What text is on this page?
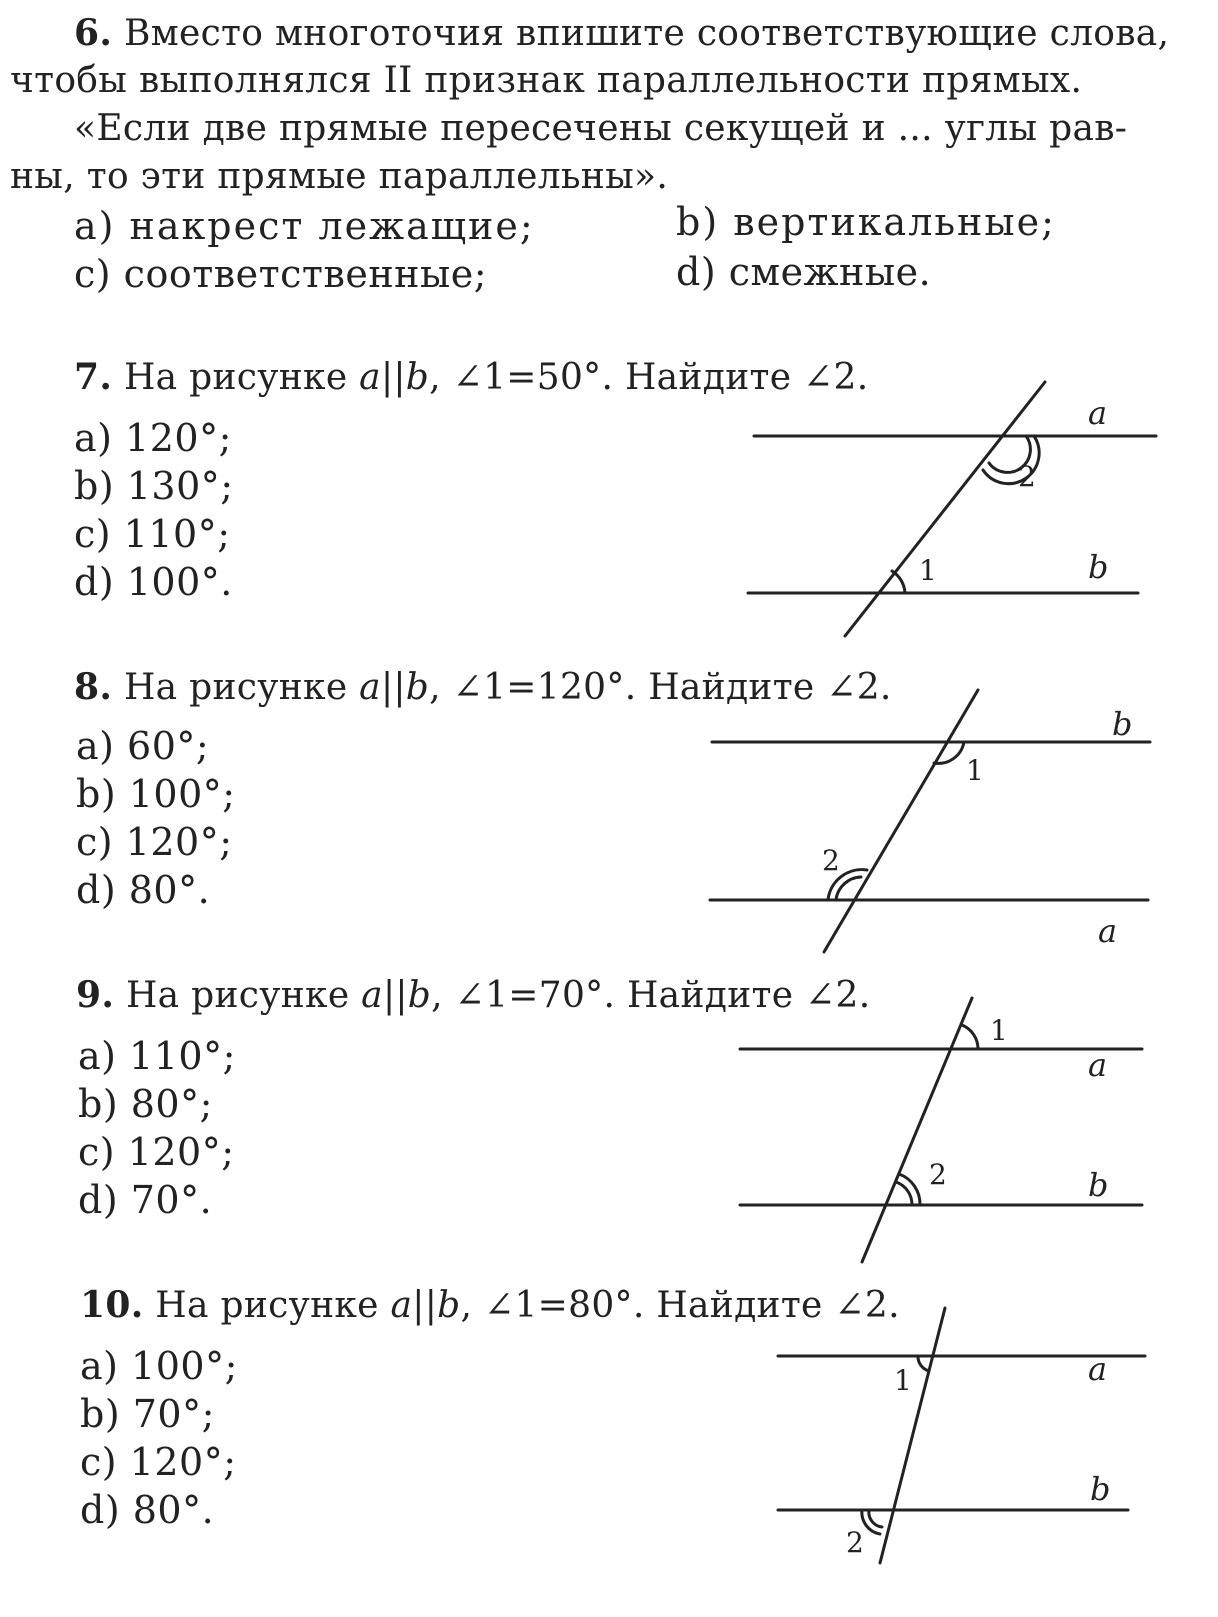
6. Вместо многоточия впишите соответствующие слова,
чтобы выполнялся II признак параллельности прямых.
«Если две прямые пересечены секущей и ... углы рав-
ны, то эти прямые параллельны».
a) накрест лежащие;	b) вертикальные;
c) соответственные;	d) смежные.
7. На рисунке a||b, ∠1=50°. Найдите ∠2.
a) 120°;
b) 130°;
c) 110°;
d) 100°.
8. На рисунке a||b, ∠1=120°. Найдите ∠2.
a) 60°;
b) 100°;
c) 120°;
d) 80°.
9. На рисунке a||b, ∠1=70°. Найдите ∠2.
a) 110°;
b) 80°;
c) 120°;
d) 70°.
10. На рисунке a||b, ∠1=80°. Найдите ∠2.
a) 100°;
b) 70°;
c) 120°;
d) 80°.
a
b
2
1
b
a
1
2
1
a
2	b
1	a
b
2
